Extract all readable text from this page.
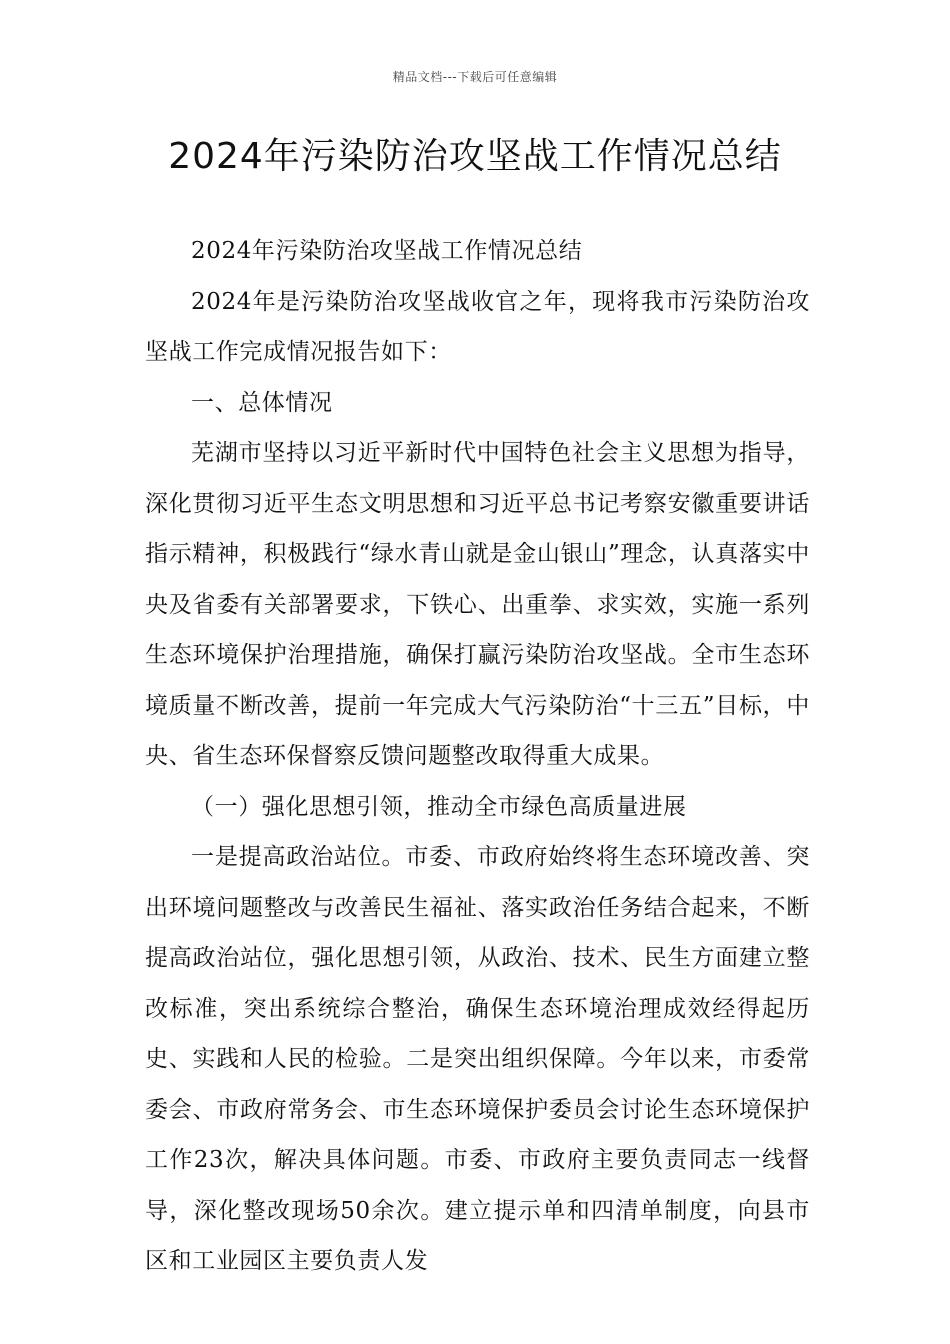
精品文档---下载后可任意编辑
2024年污染防治攻坚战工作情况总结

2024年污染防治攻坚战工作情况总结

2024年是污染防治攻坚战收官之年，现将我市污染防治攻坚战工作完成情况报告如下：

一、总体情况

芜湖市坚持以习近平新时代中国特色社会主义思想为指导，深化贯彻习近平生态文明思想和习近平总书记考察安徽重要讲话指示精神，积极践行“绿水青山就是金山银山”理念，认真落实中央及省委有关部署要求，下铁心、出重拳、求实效，实施一系列生态环境保护治理措施，确保打赢污染防治攻坚战。全市生态环境质量不断改善，提前一年完成大气污染防治“十三五”目标，中央、省生态环保督察反馈问题整改取得重大成果。

（一）强化思想引领，推动全市绿色高质量进展

一是提高政治站位。市委、市政府始终将生态环境改善、突出环境问题整改与改善民生福祉、落实政治任务结合起来，不断提高政治站位，强化思想引领，从政治、技术、民生方面建立整改标准，突出系统综合整治，确保生态环境治理成效经得起历史、实践和人民的检验。二是突出组织保障。今年以来，市委常委会、市政府常务会、市生态环境保护委员会讨论生态环境保护工作23次，解决具体问题。市委、市政府主要负责同志一线督导，深化整改现场50余次。建立提示单和四清单制度，向县市区和工业园区主要负责人发
